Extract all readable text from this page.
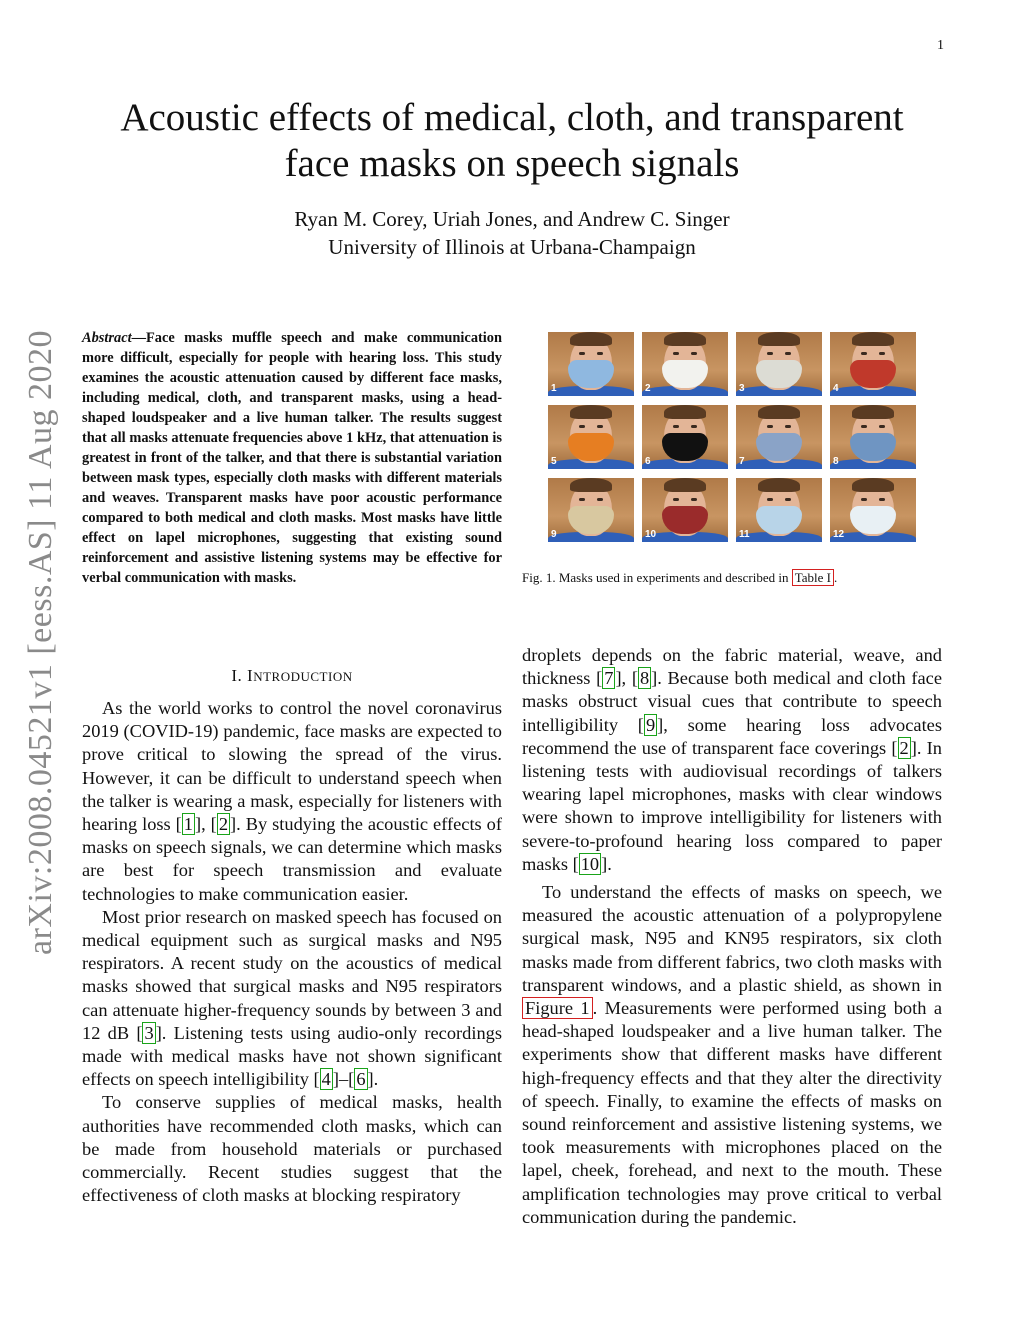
1
arXiv:2008.04521v1 [eess.AS] 11 Aug 2020
Acoustic effects of medical, cloth, and transparent
face masks on speech signals
Ryan M. Corey, Uriah Jones, and Andrew C. Singer
University of Illinois at Urbana-Champaign
Abstract—Face masks muffle speech and make communication more difficult, especially for people with hearing loss. This study examines the acoustic attenuation caused by different face masks, including medical, cloth, and transparent masks, using a head-shaped loudspeaker and a live human talker. The results suggest that all masks attenuate frequencies above 1 kHz, that attenuation is greatest in front of the talker, and that there is substantial variation between mask types, especially cloth masks with different materials and weaves. Transparent masks have poor acoustic performance compared to both medical and cloth masks. Most masks have little effect on lapel microphones, suggesting that existing sound reinforcement and assistive listening systems may be effective for verbal communication with masks.
I. INTRODUCTION

As the world works to control the novel coronavirus 2019 (COVID-19) pandemic, face masks are expected to prove critical to slowing the spread of the virus. However, it can be difficult to understand speech when the talker is wearing a mask, especially for listeners with hearing loss [ 1 ], [ 2 ]. By studying the acoustic effects of masks on speech signals, we can determine which masks are best for speech transmission and evaluate technologies to make communication easier.

Most prior research on masked speech has focused on medical equipment such as surgical masks and N95 respirators. A recent study on the acoustics of medical masks showed that surgical masks and N95 respirators can attenuate higher-frequency sounds by between 3 and 12 dB [ 3 ]. Listening tests using audio-only recordings made with medical masks have not shown significant effects on speech intelligibility [ 4 ]–[ 6 ].

To conserve supplies of medical masks, health authorities have recommended cloth masks, which can be made from household materials or purchased commercially. Recent studies suggest that the effectiveness of cloth masks at blocking respiratory

1	2	3	4
5	6	7	8
9	10	11	12
Fig. 1. Masks used in experiments and described in Table I .

droplets depends on the fabric material, weave, and thickness [ 7 ], [ 8 ]. Because both medical and cloth face masks obstruct visual cues that contribute to speech intelligibility [ 9 ], some hearing loss advocates recommend the use of transparent face coverings [ 2 ]. In listening tests with audiovisual recordings of talkers wearing lapel microphones, masks with clear windows were shown to improve intelligibility for listeners with severe-to-profound hearing loss compared to paper masks [ 10 ].

To understand the effects of masks on speech, we measured the acoustic attenuation of a polypropylene surgical mask, N95 and KN95 respirators, six cloth masks made from different fabrics, two cloth masks with transparent windows, and a plastic shield, as shown in Figure 1 . Measurements were performed using both a head-shaped loudspeaker and a live human talker. The experiments show that different masks have different high-frequency effects and that they alter the directivity of speech. Finally, to examine the effects of masks on sound reinforcement and assistive listening systems, we took measurements with microphones placed on the lapel, cheek, forehead, and next to the mouth. These amplification technologies may prove critical to verbal communication during the pandemic.
